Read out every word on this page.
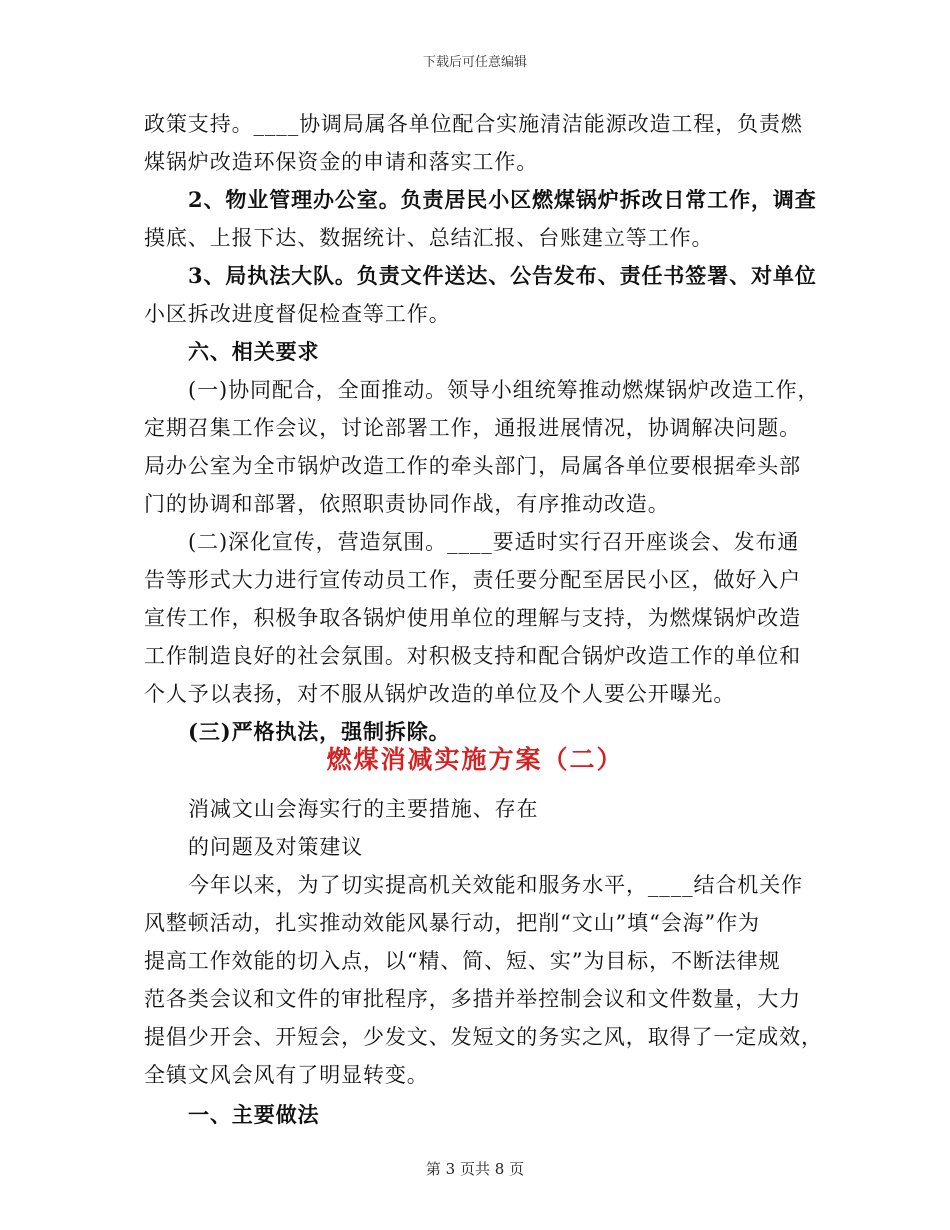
下载后可任意编辑
政策支持。____协调局属各单位配合实施清洁能源改造工程，负责燃
煤锅炉改造环保资金的申请和落实工作。
2、物业管理办公室。负责居民小区燃煤锅炉拆改日常工作，调查
摸底、上报下达、数据统计、总结汇报、台账建立等工作。
3、局执法大队。负责文件送达、公告发布、责任书签署、对单位
小区拆改进度督促检查等工作。
六、相关要求
(一)协同配合，全面推动。领导小组统筹推动燃煤锅炉改造工作，
定期召集工作会议，讨论部署工作，通报进展情况，协调解决问题。
局办公室为全市锅炉改造工作的牵头部门，局属各单位要根据牵头部
门的协调和部署，依照职责协同作战，有序推动改造。
(二)深化宣传，营造氛围。____要适时实行召开座谈会、发布通
告等形式大力进行宣传动员工作，责任要分配至居民小区，做好入户
宣传工作，积极争取各锅炉使用单位的理解与支持，为燃煤锅炉改造
工作制造良好的社会氛围。对积极支持和配合锅炉改造工作的单位和
个人予以表扬，对不服从锅炉改造的单位及个人要公开曝光。
(三)严格执法，强制拆除。
燃煤消减实施方案（二）
消减文山会海实行的主要措施、存在
的问题及对策建议
今年以来，为了切实提高机关效能和服务水平，____结合机关作
风整顿活动，扎实推动效能风暴行动，把削“文山”填“会海”作为
提高工作效能的切入点，以“精、简、短、实”为目标，不断法律规
范各类会议和文件的审批程序，多措并举控制会议和文件数量，大力
提倡少开会、开短会，少发文、发短文的务实之风，取得了一定成效，
全镇文风会风有了明显转变。
一、主要做法
第 3 页共 8 页
